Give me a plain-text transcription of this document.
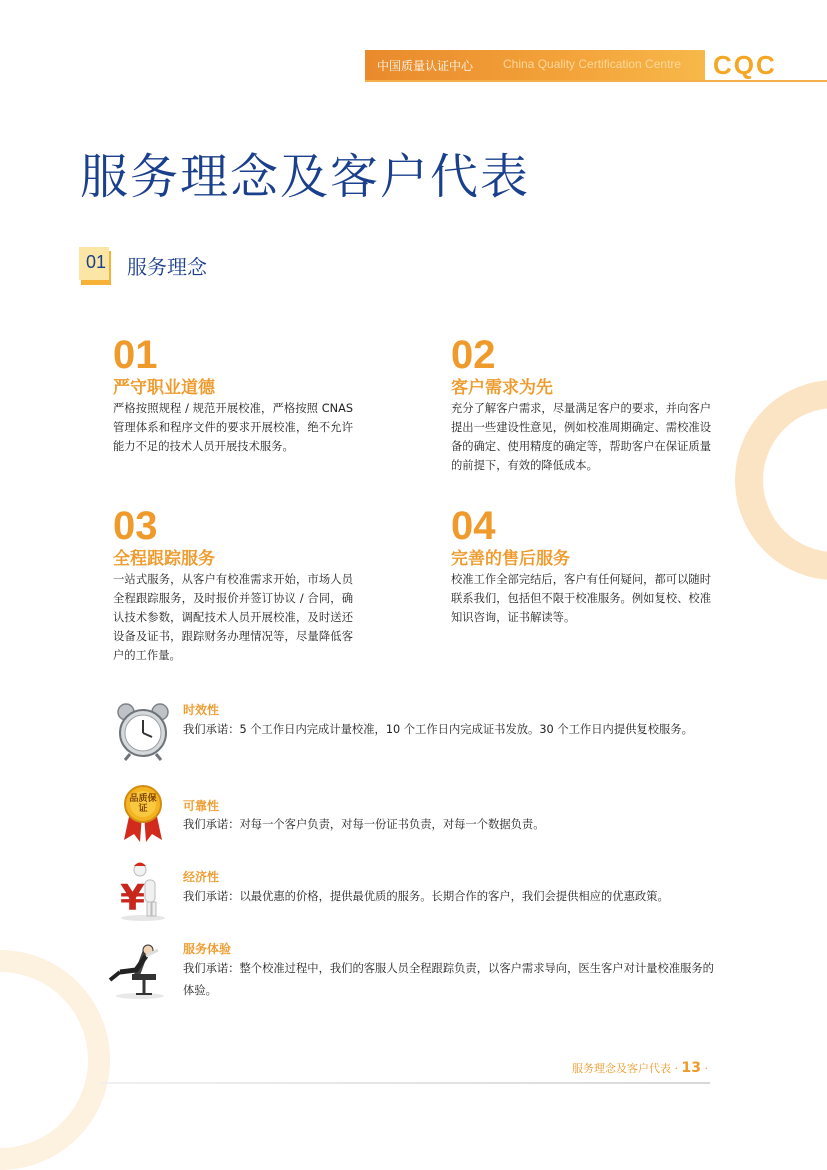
中国质量认证中心 China Quality Certification Centre CQC
服务理念及客户代表
01 服务理念
01
严守职业道德
严格按照规程 / 规范开展校准，严格按照 CNAS 管理体系和程序文件的要求开展校准，绝不允许能力不足的技术人员开展技术服务。
02
客户需求为先
充分了解客户需求，尽量满足客户的要求，并向客户提出一些建设性意见，例如校准周期确定、需校准设备的确定、使用精度的确定等，帮助客户在保证质量的前提下，有效的降低成本。
03
全程跟踪服务
一站式服务，从客户有校准需求开始，市场人员全程跟踪服务，及时报价并签订协议 / 合同，确认技术参数，调配技术人员开展校准，及时送还设备及证书，跟踪财务办理情况等，尽量降低客户的工作量。
04
完善的售后服务
校准工作全部完结后，客户有任何疑问，都可以随时联系我们，包括但不限于校准服务。例如复校、校准知识咨询，证书解读等。
时效性
我们承诺：5 个工作日内完成计量校准，10 个工作日内完成证书发放。30 个工作日内提供复校服务。
品质保证	可靠性
我们承诺：对每一个客户负责，对每一份证书负责，对每一个数据负责。
¥
经济性
我们承诺：以最优惠的价格，提供最优质的服务。长期合作的客户，我们会提供相应的优惠政策。
服务体验
我们承诺：整个校准过程中，我们的客服人员全程跟踪负责，以客户需求导向，医生客户对计量校准服务的体验。
服务理念及客户代表 · 13 ·
